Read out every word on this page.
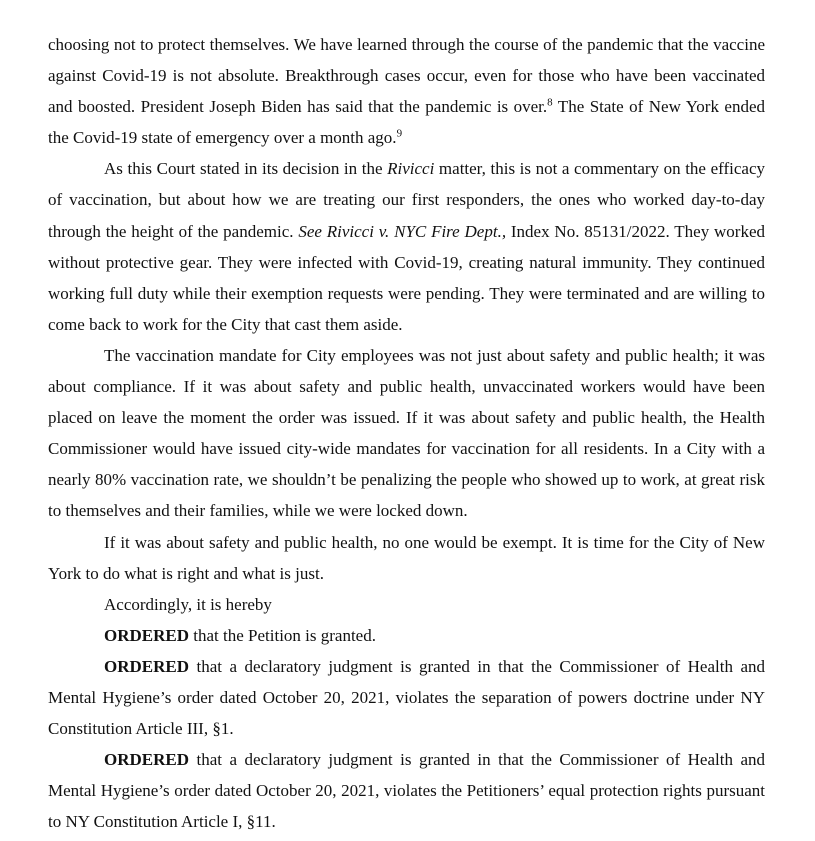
choosing not to protect themselves. We have learned through the course of the pandemic that the vaccine against Covid-19 is not absolute. Breakthrough cases occur, even for those who have been vaccinated and boosted. President Joseph Biden has said that the pandemic is over.$^8$ The State of New York ended the Covid-19 state of emergency over a month ago.$^9$

As this Court stated in its decision in the Rivicci matter, this is not a commentary on the efficacy of vaccination, but about how we are treating our first responders, the ones who worked day-to-day through the height of the pandemic. See Rivicci v. NYC Fire Dept., Index No. 85131/2022. They worked without protective gear. They were infected with Covid-19, creating natural immunity. They continued working full duty while their exemption requests were pending. They were terminated and are willing to come back to work for the City that cast them aside.

The vaccination mandate for City employees was not just about safety and public health; it was about compliance. If it was about safety and public health, unvaccinated workers would have been placed on leave the moment the order was issued. If it was about safety and public health, the Health Commissioner would have issued city-wide mandates for vaccination for all residents. In a City with a nearly 80% vaccination rate, we shouldn’t be penalizing the people who showed up to work, at great risk to themselves and their families, while we were locked down.

If it was about safety and public health, no one would be exempt. It is time for the City of New York to do what is right and what is just.

Accordingly, it is hereby

ORDERED that the Petition is granted.

ORDERED that a declaratory judgment is granted in that the Commissioner of Health and Mental Hygiene’s order dated October 20, 2021, violates the separation of powers doctrine under NY Constitution Article III, §1.

ORDERED that a declaratory judgment is granted in that the Commissioner of Health and Mental Hygiene’s order dated October 20, 2021, violates the Petitioners’ equal protection rights pursuant to NY Constitution Article I, §11.
